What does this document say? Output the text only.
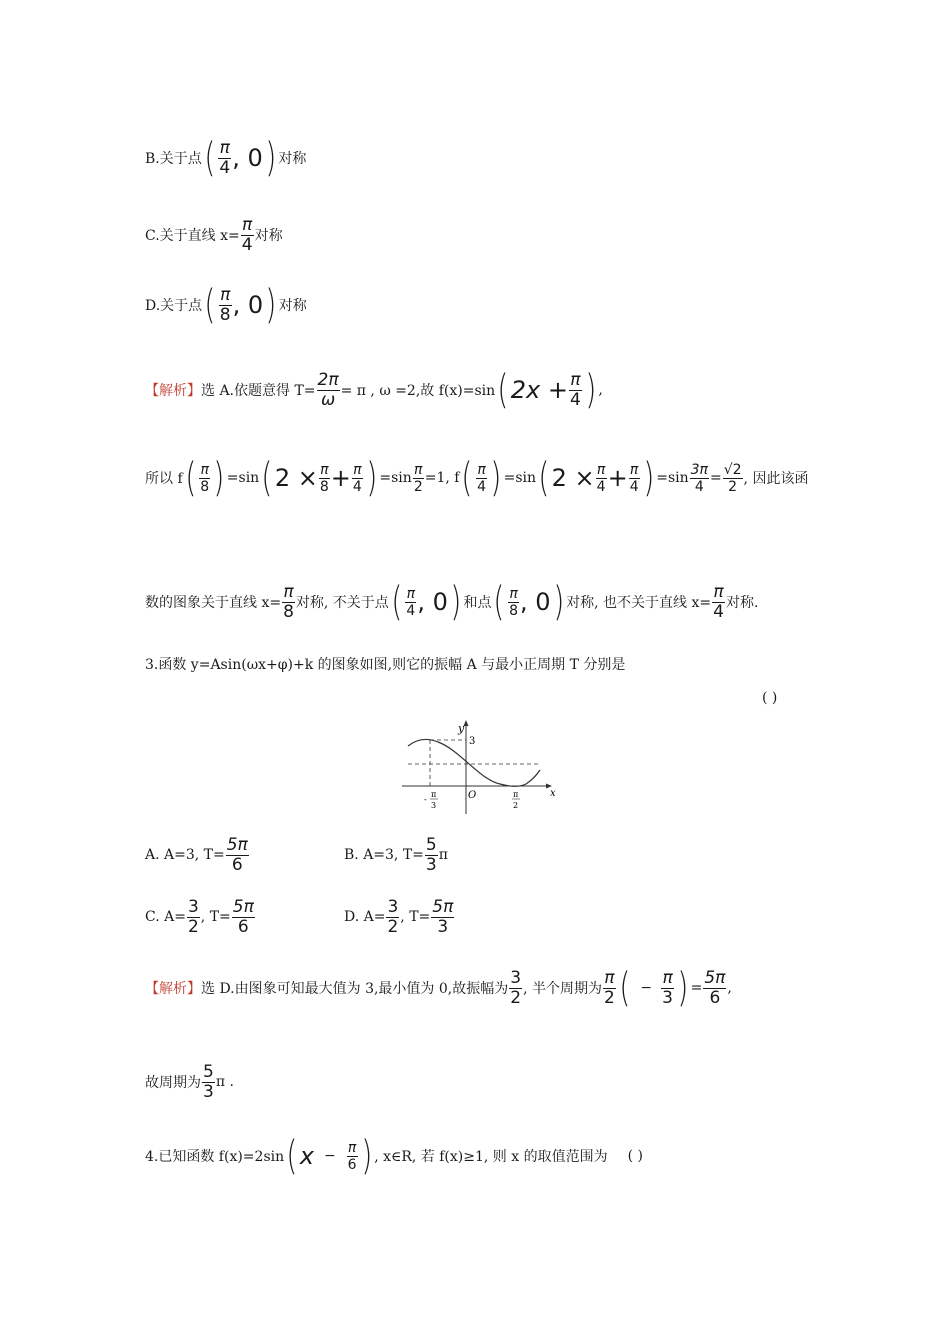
B.关于点 ( $\frac{\pi}{4}$ , 0 ) 对称
C.关于直线 $x= \frac{\pi}{4}$ 对称
D.关于点 ( $\frac{\pi}{8}$ , 0 ) 对称
【解析】 选 A.依题意得 $T= \frac{2\pi}{\omega} = \pi$ , ω =2,故 f(x)=sin ( $2x + \frac{\pi}{4}$ ) ,
所以 f ( $\frac{\pi}{8}$ ) =sin ( $2 \times \frac{\pi}{8} + \frac{\pi}{4}$ ) $=\sin \frac{\pi}{2} =1$, f ( $\frac{\pi}{4}$ ) =sin ( $2 \times \frac{\pi}{4} + \frac{\pi}{4}$ ) $=\sin \frac{3\pi}{4} = \frac{√2}{2}$ , 因此该函
数的图象关于直线 $x= \frac{\pi}{8}$ 对称, 不关于点 ( $\frac{\pi}{4}$ , 0 ) 和点 ( $\frac{\pi}{8}$ , 0 ) 对称, 也不关于直线 $x= \frac{\pi}{4}$ 对称.
3.函数 y=Asin(ωx+φ)+k 的图象如图,则它的振幅 A 与最小正周期 T 分别是
( )
y
3
O	x
-
π
3
π
2
A. A=3, $T= \frac{5\pi}{6}$	B. A=3, $T= \frac{5}{3}$ π
C. $A= \frac{3}{2}$ , $T= \frac{5\pi}{6}$	D. $A= \frac{3}{2}$ , $T= \frac{5\pi}{3}$
【解析】 选 D.由图象可知最大值为 3,最小值为 0,故振幅为 $\frac{3}{2}$ , 半个周期为 $\frac{\pi}{2}$ ( − $\frac{\pi}{3}$ ) = $\frac{5\pi}{6}$ ,
故周期为 $\frac{5}{3}$ π .
4.已知函数 f(x)=2sin ( $x - \frac{\pi}{6}$ ) , x∈R, 若 f(x)≥1, 则 x 的取值范围为 ( )
